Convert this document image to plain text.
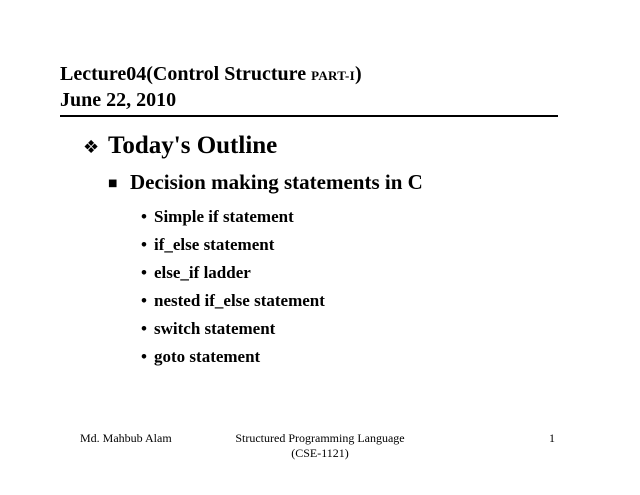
Lecture04(Control Structure PART-I)
June 22, 2010
❖ Today's Outline
■ Decision making statements in C
• Simple if statement
• if_else statement
• else_if ladder
• nested if_else statement
• switch statement
• goto statement
Md. Mahbub Alam	Structured Programming Language
(CSE-1121)
1
